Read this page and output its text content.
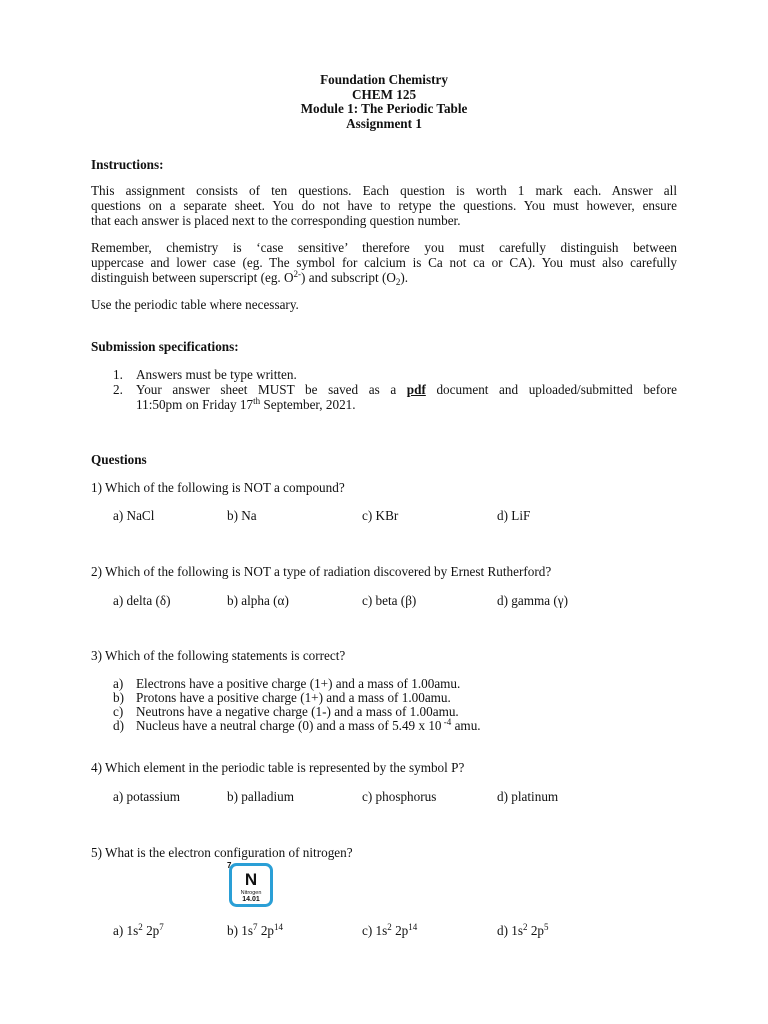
Foundation Chemistry
CHEM 125
Module 1: The Periodic Table
Assignment 1
Instructions:
This assignment consists of ten questions. Each question is worth 1 mark each. Answer all
questions on a separate sheet. You do not have to retype the questions. You must however, ensure
that each answer is placed next to the corresponding question number.
Remember, chemistry is ‘case sensitive’ therefore you must carefully distinguish between
uppercase and lower case (eg. The symbol for calcium is Ca not ca or CA). You must also carefully
distinguish between superscript (eg. $O^{2-}$) and subscript $(O_2)$.
Use the periodic table where necessary.
Submission specifications:
1. Answers must be type written.
2. Your answer sheet MUST be saved as a pdf document and uploaded/submitted before
11:50pm on Friday 17th September, 2021.
Questions
1) Which of the following is NOT a compound?
a) NaCl	b) Na	c) KBr	d) LiF
2) Which of the following is NOT a type of radiation discovered by Ernest Rutherford?
a) delta (δ)	b) alpha (α)	c) beta (β)	d) gamma (γ)
3) Which of the following statements is correct?
a) Electrons have a positive charge (1+) and a mass of 1.00amu.
b) Protons have a positive charge (1+) and a mass of 1.00amu.
c) Neutrons have a negative charge (1-) and a mass of 1.00amu.
d) Nucleus have a neutral charge (0) and a mass of 5.49 x 10 $^{-4}$ amu.
4) Which element in the periodic table is represented by the symbol P?
a) potassium	b) palladium	c) phosphorus	d) platinum
5) What is the electron configuration of nitrogen?
7
N
Nitrogen
14.01
a) $1s^2$ $2p^7$	b) $1s^7$ $2p^{14}$	c) $1s^2$ $2p^{14}$	d) $1s^2$ $2p^5$
